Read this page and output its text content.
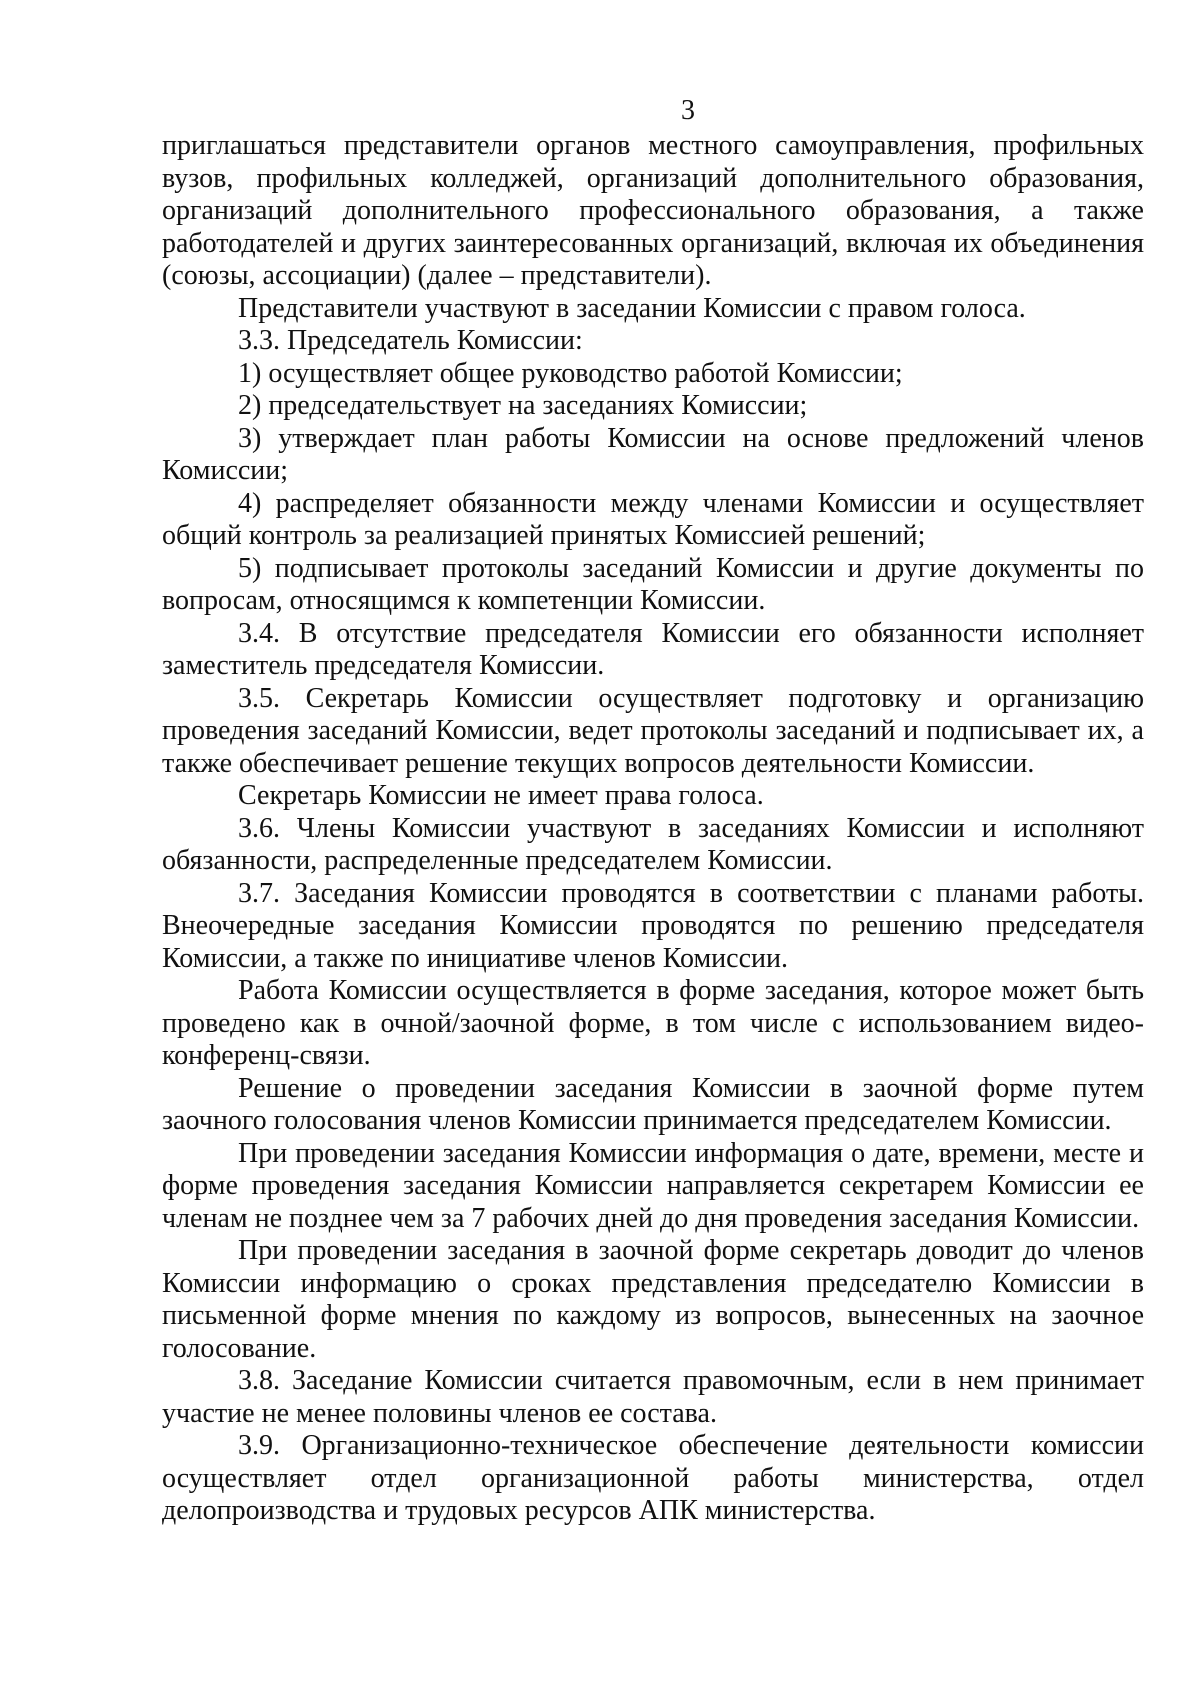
3

приглашаться представители органов местного самоуправления, профильных вузов, профильных колледжей, организаций дополнительного образования, организаций дополнительного профессионального образования, а также работодателей и других заинтересованных организаций, включая их объединения (союзы, ассоциации) (далее – представители).

Представители участвуют в заседании Комиссии с правом голоса.

3.3. Председатель Комиссии:

1) осуществляет общее руководство работой Комиссии;

2) председательствует на заседаниях Комиссии;

3) утверждает план работы Комиссии на основе предложений членов Комиссии;

4) распределяет обязанности между членами Комиссии и осуществляет общий контроль за реализацией принятых Комиссией решений;

5) подписывает протоколы заседаний Комиссии и другие документы по вопросам, относящимся к компетенции Комиссии.

3.4. В отсутствие председателя Комиссии его обязанности исполняет заместитель председателя Комиссии.

3.5. Секретарь Комиссии осуществляет подготовку и организацию проведения заседаний Комиссии, ведет протоколы заседаний и подписывает их, а также обеспечивает решение текущих вопросов деятельности Комиссии.

Секретарь Комиссии не имеет права голоса.

3.6. Члены Комиссии участвуют в заседаниях Комиссии и исполняют обязанности, распределенные председателем Комиссии.

3.7. Заседания Комиссии проводятся в соответствии с планами работы. Внеочередные заседания Комиссии проводятся по решению председателя Комиссии, а также по инициативе членов Комиссии.

Работа Комиссии осуществляется в форме заседания, которое может быть проведено как в очной/заочной форме, в том числе с использованием видео-конференц-связи.

Решение о проведении заседания Комиссии в заочной форме путем заочного голосования членов Комиссии принимается председателем Комиссии.

При проведении заседания Комиссии информация о дате, времени, месте и форме проведения заседания Комиссии направляется секретарем Комиссии ее членам не позднее чем за 7 рабочих дней до дня проведения заседания Комиссии.

При проведении заседания в заочной форме секретарь доводит до членов Комиссии информацию о сроках представления председателю Комиссии в письменной форме мнения по каждому из вопросов, вынесенных на заочное голосование.

3.8. Заседание Комиссии считается правомочным, если в нем принимает участие не менее половины членов ее состава.

3.9. Организационно-техническое обеспечение деятельности комиссии осуществляет отдел организационной работы министерства, отдел делопроизводства и трудовых ресурсов АПК министерства.
